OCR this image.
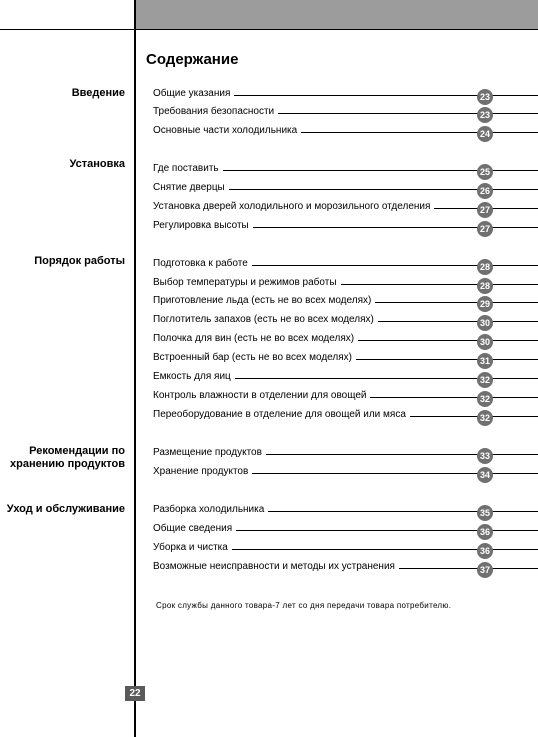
Содержание
Введение
Установка
Порядок работы
Рекомендации по хранению продуктов
Уход и обслуживание
Общие указания	23
Требования безопасности	23
Основные части холодильника	24
Где поставить	25
Снятие дверцы	26
Установка дверей холодильного и морозильного отделения	27
Регулировка высоты	27
Подготовка к работе	28
Выбор температуры и режимов работы	28
Приготовление льда (есть не во всех моделях)	29
Поглотитель запахов (есть не во всех моделях)	30
Полочка для вин (есть не во всех моделях)	30
Встроенный бар (есть не во всех моделях)	31
Емкость для яиц	32
Контроль влажности в отделении для овощей	32
Переоборудование в отделение для овощей или мяса	32
Размещение продуктов	33
Хранение продуктов	34
Разборка холодильника	35
Общие сведения	36
Уборка и чистка	36
Возможные неисправности и методы их устранения	37
Срок службы данного товара-7 лет со дня передачи товара потребителю.
22
